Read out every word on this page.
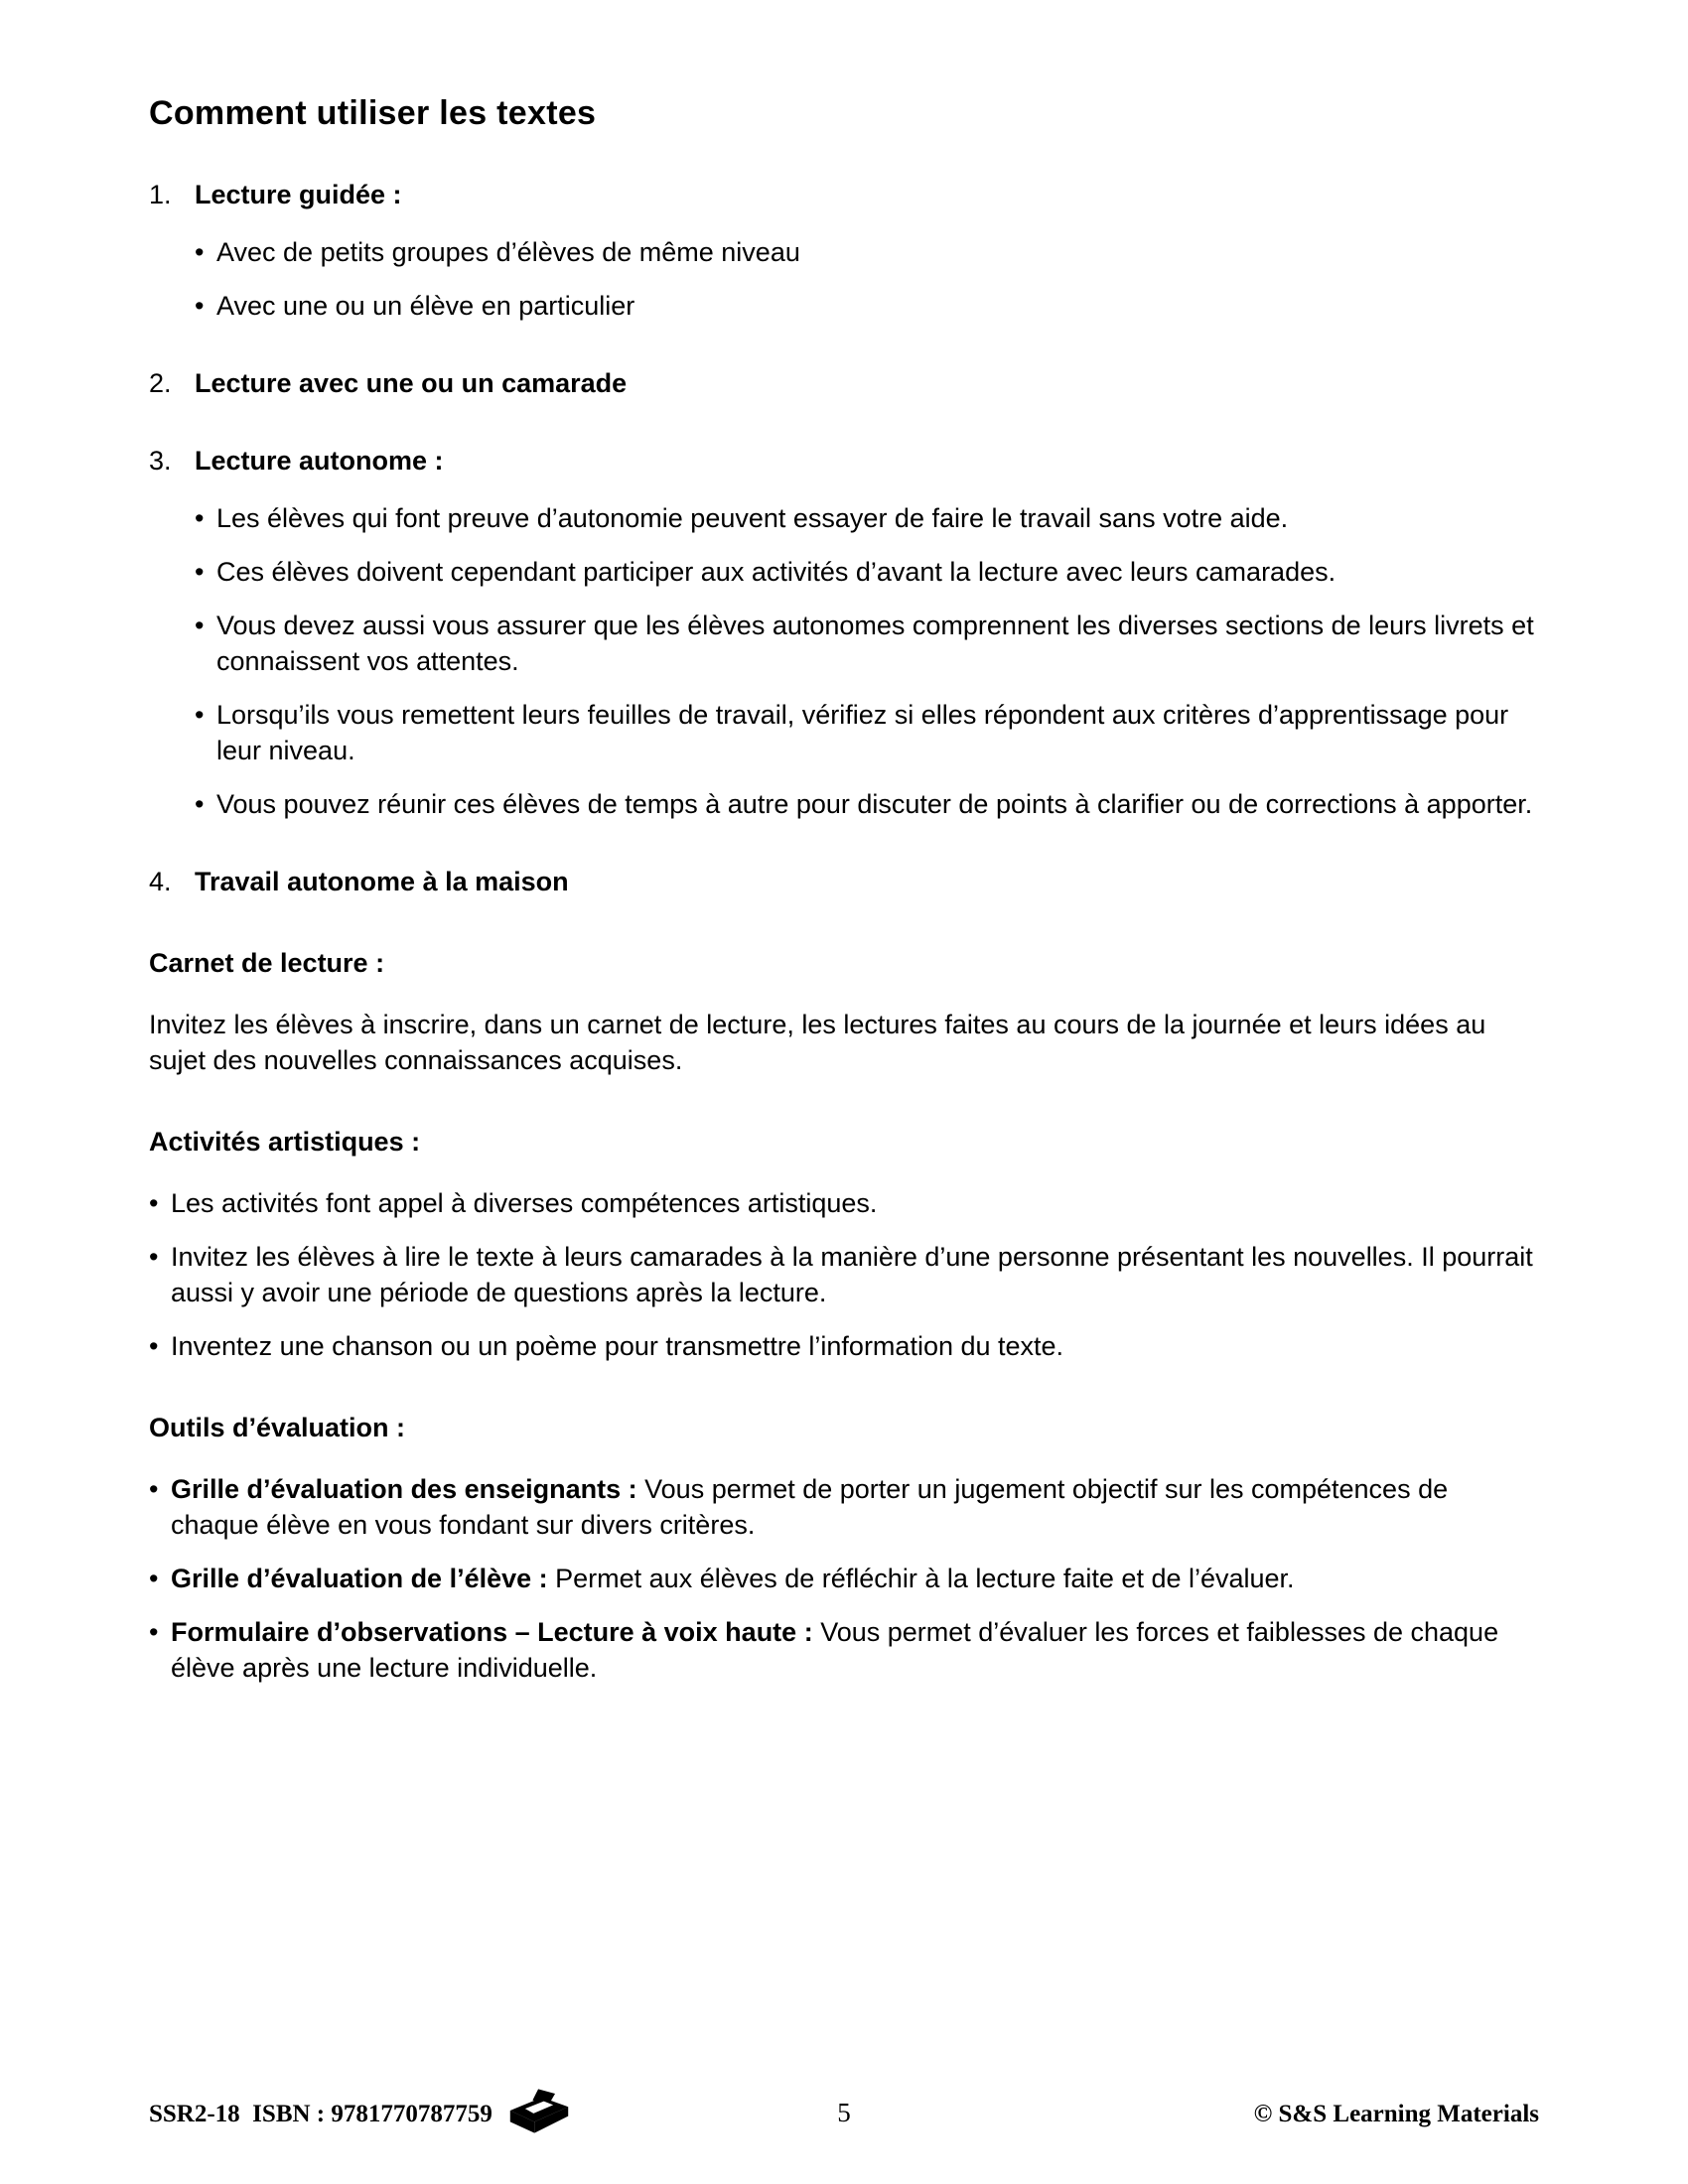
Comment utiliser les textes
1. Lecture guidée :
• Avec de petits groupes d’élèves de même niveau
• Avec une ou un élève en particulier
2. Lecture avec une ou un camarade
3. Lecture autonome :
• Les élèves qui font preuve d’autonomie peuvent essayer de faire le travail sans votre aide.
• Ces élèves doivent cependant participer aux activités d’avant la lecture avec leurs camarades.
• Vous devez aussi vous assurer que les élèves autonomes comprennent les diverses sections de leurs livrets et connaissent vos attentes.
• Lorsqu’ils vous remettent leurs feuilles de travail, vérifiez si elles répondent aux critères d’apprentissage pour leur niveau.
• Vous pouvez réunir ces élèves de temps à autre pour discuter de points à clarifier ou de corrections à apporter.
4. Travail autonome à la maison
Carnet de lecture :

Invitez les élèves à inscrire, dans un carnet de lecture, les lectures faites au cours de la journée et leurs idées au sujet des nouvelles connaissances acquises.

Activités artistiques :
• Les activités font appel à diverses compétences artistiques.
• Invitez les élèves à lire le texte à leurs camarades à la manière d’une personne présentant les nouvelles. Il pourrait aussi y avoir une période de questions après la lecture.
• Inventez une chanson ou un poème pour transmettre l’information du texte.
Outils d’évaluation :
• Grille d’évaluation des enseignants : Vous permet de porter un jugement objectif sur les compétences de chaque élève en vous fondant sur divers critères.
• Grille d’évaluation de l’élève : Permet aux élèves de réfléchir à la lecture faite et de l’évaluer.
• Formulaire d’observations – Lecture à voix haute : Vous permet d’évaluer les forces et faiblesses de chaque élève après une lecture individuelle.
SSR2-18  ISBN : 9781770787759	5	© S&S Learning Materials
